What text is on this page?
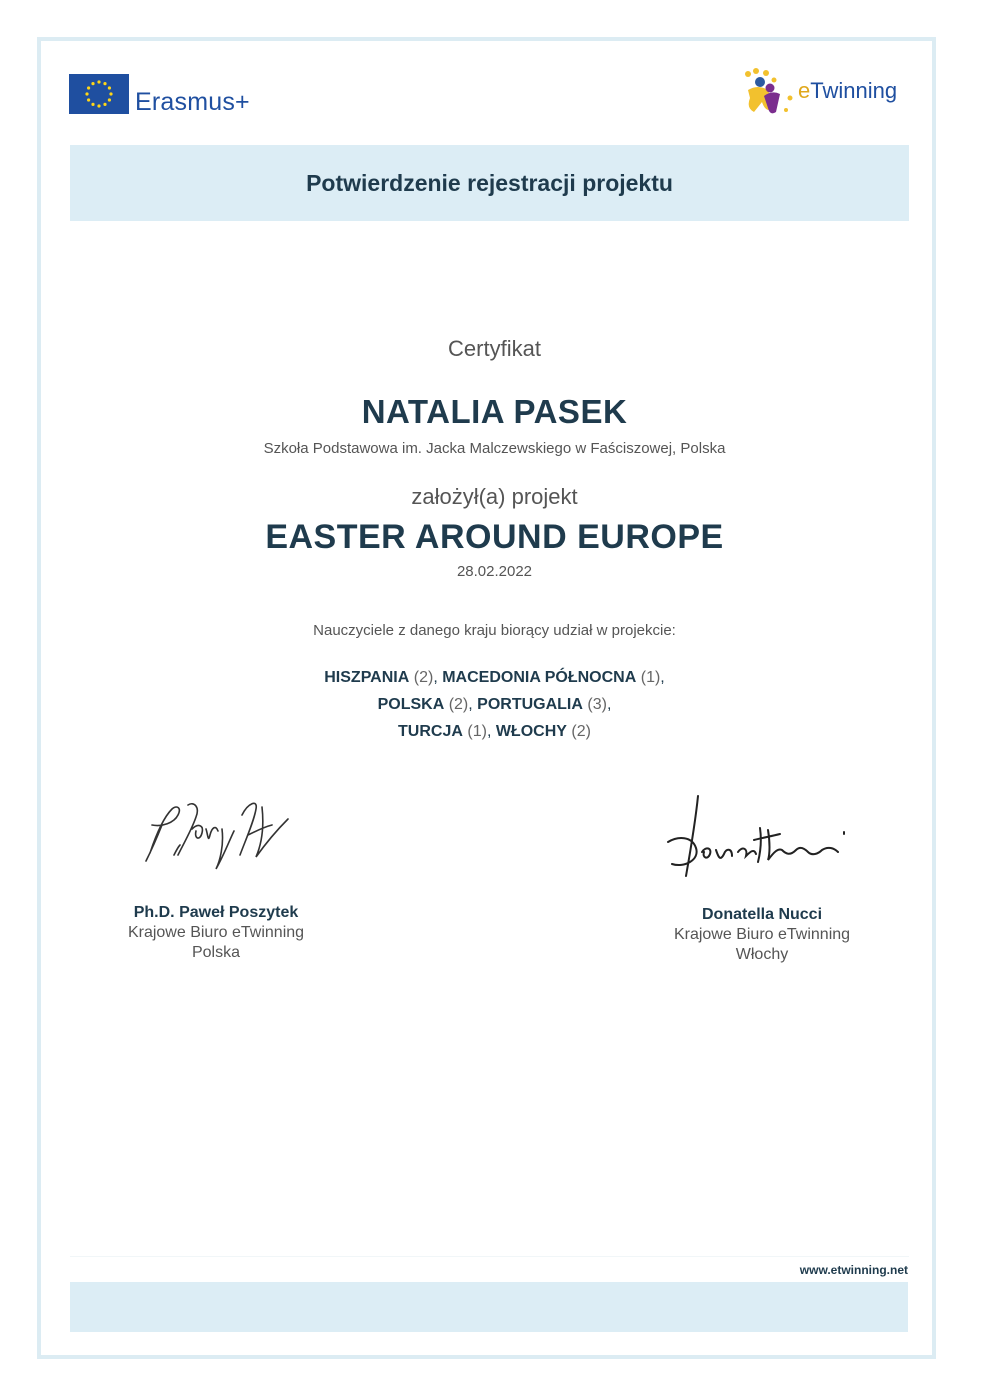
Erasmus+	eTwinning
Potwierdzenie rejestracji projektu
Certyfikat
NATALIA PASEK
Szkoła Podstawowa im. Jacka Malczewskiego w Faściszowej, Polska
założył(a) projekt
EASTER AROUND EUROPE
28.02.2022
Nauczyciele z danego kraju biorący udział w projekcie:
HISZPANIA (2), MACEDONIA PÓŁNOCNA (1),
POLSKA (2), PORTUGALIA (3),
TURCJA (1), WŁOCHY (2)
Ph.D. Paweł Poszytek
Krajowe Biuro eTwinning
Polska
Donatella Nucci
Krajowe Biuro eTwinning
Włochy
www.etwinning.net
